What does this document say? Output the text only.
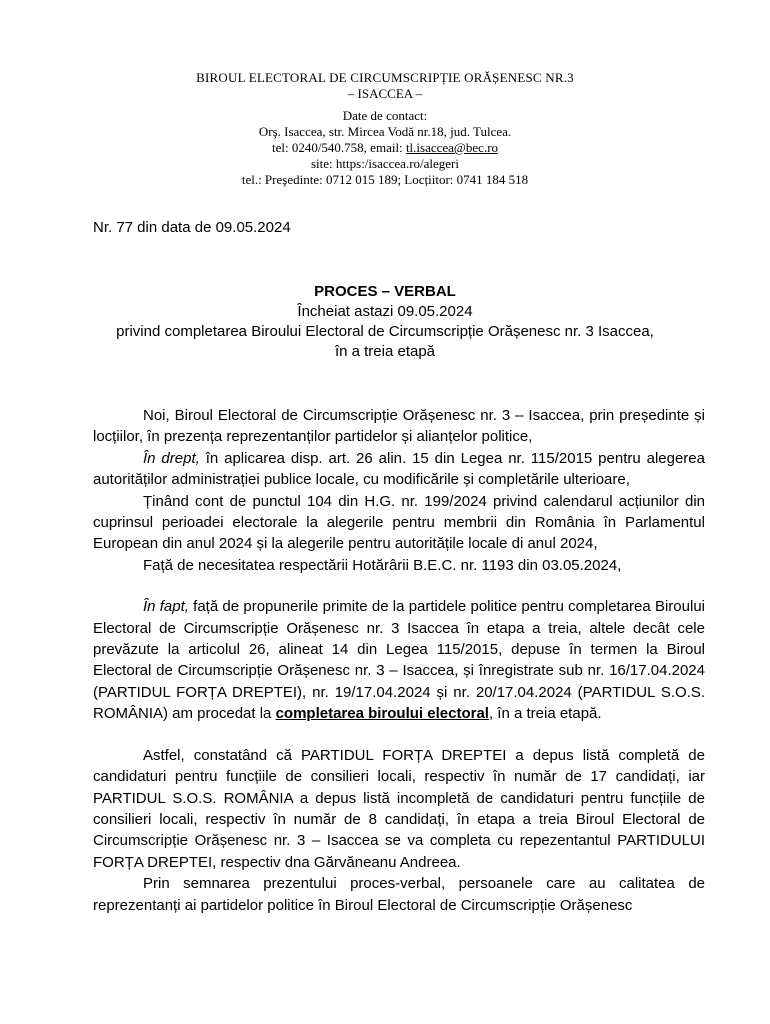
BIROUL ELECTORAL DE CIRCUMSCRIPȚIE ORĂȘENESC NR.3
– ISACCEA –
Date de contact:
Orş. Isaccea, str. Mircea Vodă nr.18, jud. Tulcea.
tel: 0240/540.758, email: tl.isaccea@bec.ro
site: https:/isaccea.ro/alegeri
tel.: Preşedinte: 0712 015 189; Locțiitor: 0741 184 518
Nr. 77 din data de 09.05.2024
PROCES – VERBAL
Încheiat astazi 09.05.2024
privind completarea Biroului Electoral de Circumscripție Orășenesc nr. 3 Isaccea,
în a treia etapă

Noi, Biroul Electoral de Circumscripție Orășenesc nr. 3 – Isaccea, prin președinte și locțiilor, în prezența reprezentanților partidelor și alianțelor politice,

În drept, în aplicarea disp. art. 26 alin. 15 din Legea nr. 115/2015 pentru alegerea autorităților administrației publice locale, cu modificările și completările ulterioare,

Ținând cont de punctul 104 din H.G. nr. 199/2024 privind calendarul acțiunilor din cuprinsul perioadei electorale la alegerile pentru membrii din România în Parlamentul European din anul 2024 și la alegerile pentru autoritățile locale di anul 2024,

Față de necesitatea respectării Hotărârii B.E.C. nr. 1193 din 03.05.2024,

În fapt, față de propunerile primite de la partidele politice pentru completarea Biroului Electoral de Circumscripție Orășenesc nr. 3 Isaccea în etapa a treia, altele decât cele prevăzute la articolul 26, alineat 14 din Legea 115/2015, depuse în termen la Biroul Electoral de Circumscripție Orășenesc nr. 3 – Isaccea, și înregistrate sub nr. 16/17.04.2024 (PARTIDUL FORȚA DREPTEI), nr. 19/17.04.2024 și nr. 20/17.04.2024 (PARTIDUL S.O.S. ROMÂNIA) am procedat la completarea biroului electoral, în a treia etapă.

Astfel, constatând că PARTIDUL FORȚA DREPTEI a depus listă completă de candidaturi pentru funcțiile de consilieri locali, respectiv în număr de 17 candidați, iar PARTIDUL S.O.S. ROMÂNIA a depus listă incompletă de candidaturi pentru funcțiile de consilieri locali, respectiv în număr de 8 candidați, în etapa a treia Biroul Electoral de Circumscripție Orășenesc nr. 3 – Isaccea se va completa cu repezentantul PARTIDULUI FORȚA DREPTEI, respectiv dna Gărvăneanu Andreea.

Prin semnarea prezentului proces-verbal, persoanele care au calitatea de reprezentanți ai partidelor politice în Biroul Electoral de Circumscripție Orășenesc
